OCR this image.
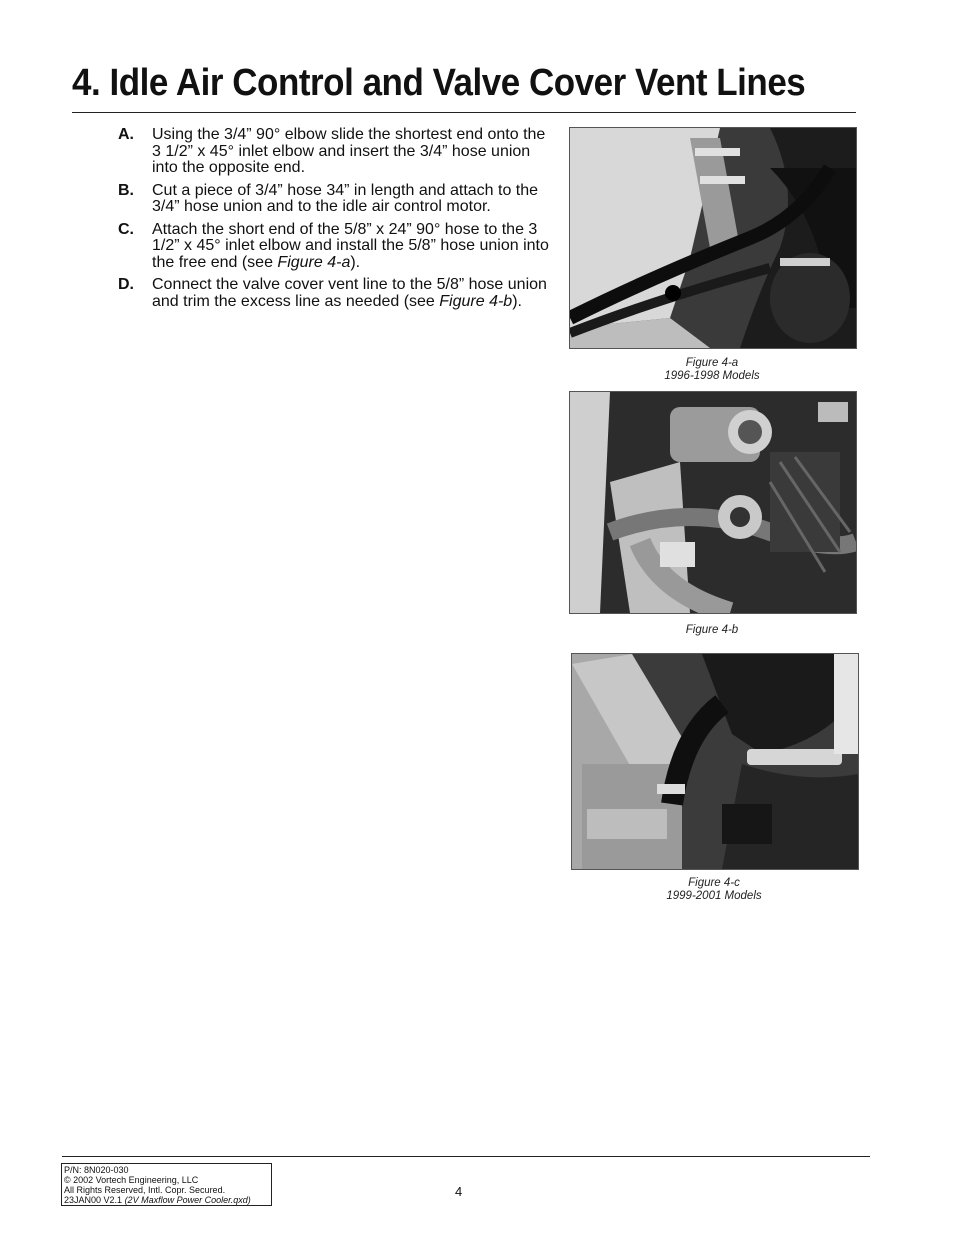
4. Idle Air Control and Valve Cover Vent Lines
A.	Using the 3/4” 90° elbow slide the shortest end onto the 3 1/2” x 45° inlet elbow and insert the 3/4” hose union into the opposite end.
B.	Cut a piece of 3/4” hose 34” in length and attach to the 3/4” hose union and to the idle air control motor.
C.	Attach the short end of the 5/8” x 24” 90° hose to the 3 1/2” x 45° inlet elbow and install the 5/8” hose union into the free end (see Figure 4-a).
D.	Connect the valve cover vent line to the 5/8” hose union and trim the excess line as needed (see Figure 4-b).
Figure 4-a
1996-1998 Models
Figure 4-b
Figure 4-c
1999-2001 Models
P/N: 8N020-030
© 2002 Vortech Engineering, LLC
All Rights Reserved, Intl. Copr. Secured.
23JAN00 V2.1 (2V Maxflow Power Cooler.qxd)
4
